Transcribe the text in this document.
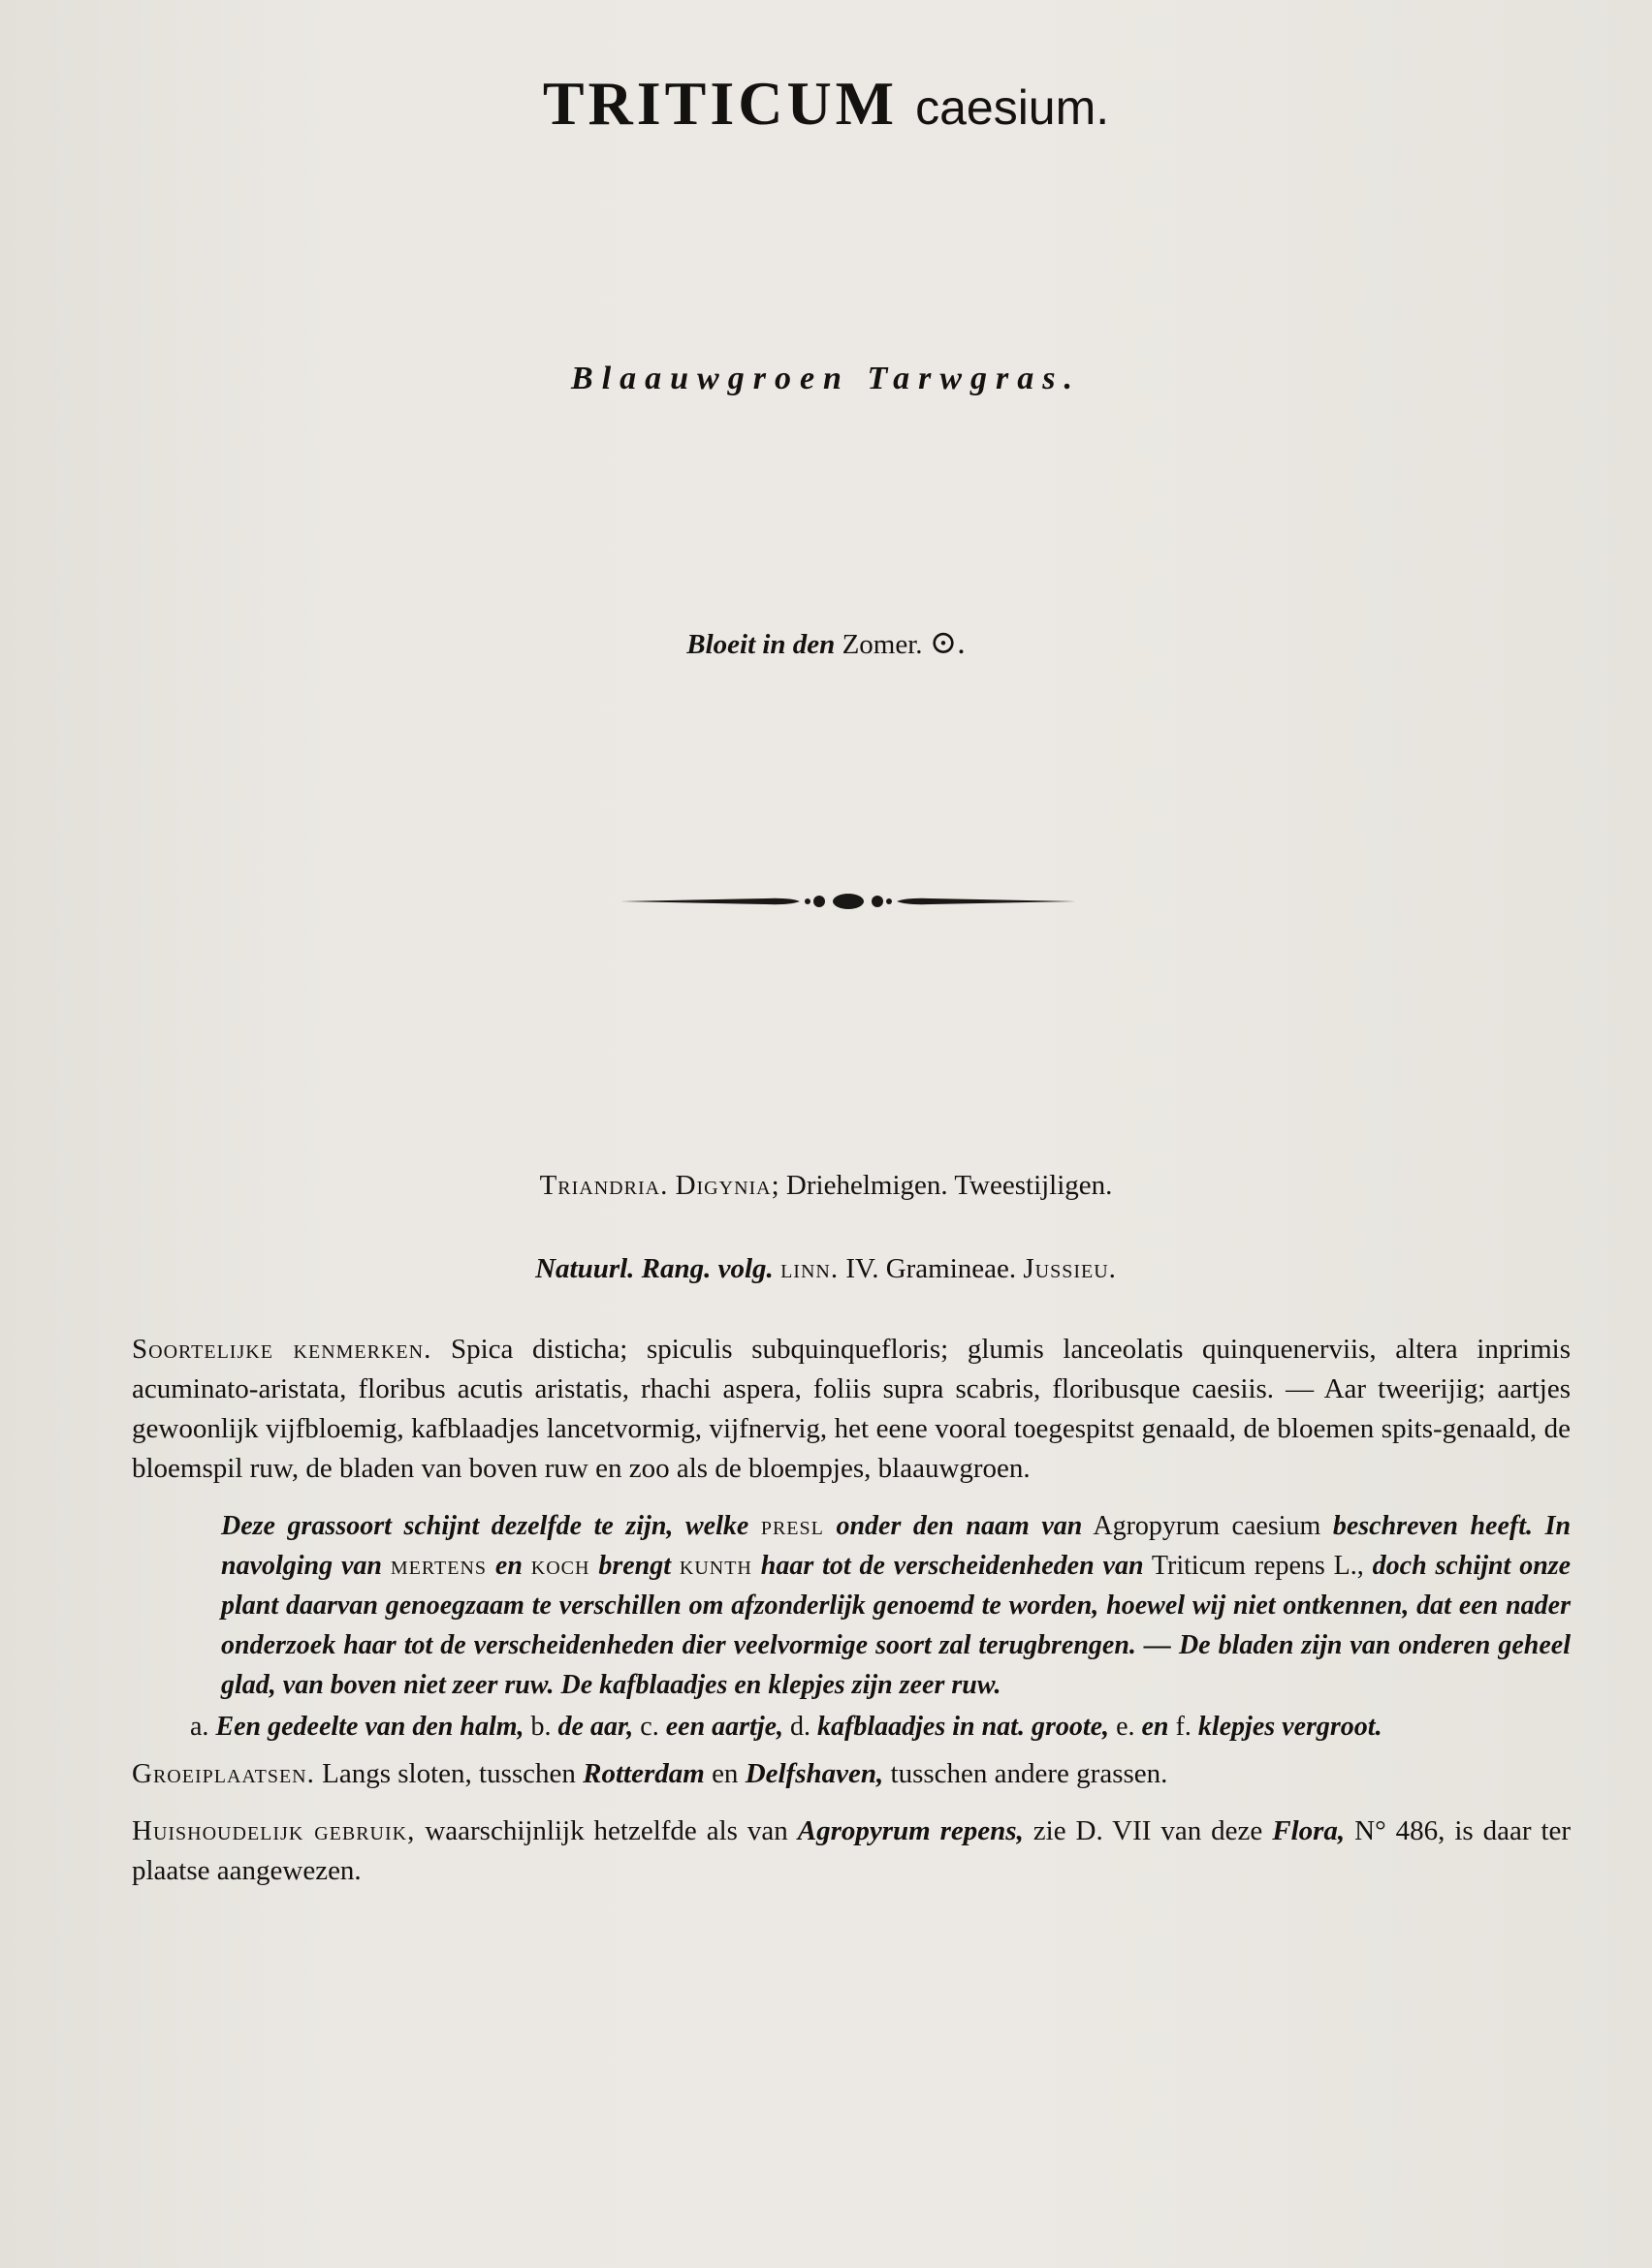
TRITICUM caesium.
Blaauwgroen Tarwgras.
Bloeit in den Zomer. ⊙.
Triandria. Digynia; Driehelmigen. Tweestijligen.
Natuurl. Rang. volg. linn. IV. Gramineae. Jussieu.

Soortelijke kenmerken. Spica disticha; spiculis subquinquefloris; glumis lanceolatis quinquenerviis, altera inprimis acuminato-aristata, floribus acutis aristatis, rhachi aspera, foliis supra scabris, floribusque caesiis. — Aar tweerijig; aartjes gewoonlijk vijfbloemig, kafblaadjes lancetvormig, vijfnervig, het eene vooral toegespitst genaald, de bloemen spits-genaald, de bloemspil ruw, de bladen van boven ruw en zoo als de bloempjes, blaauwgroen.

Deze grassoort schijnt dezelfde te zijn, welke presl onder den naam van Agropyrum caesium beschreven heeft. In navolging van mertens en koch brengt kunth haar tot de verscheidenheden van Triticum repens L., doch schijnt onze plant daarvan genoegzaam te verschillen om afzonderlijk genoemd te worden, hoewel wij niet ontkennen, dat een nader onderzoek haar tot de verscheidenheden dier veelvormige soort zal terugbrengen. — De bladen zijn van onderen geheel glad, van boven niet zeer ruw. De kafblaadjes en klepjes zijn zeer ruw.

a. Een gedeelte van den halm, b. de aar, c. een aartje, d. kafblaadjes in nat. groote, e. en f. klepjes vergroot.

Groeiplaatsen. Langs sloten, tusschen Rotterdam en Delfshaven, tusschen andere grassen.

Huishoudelijk gebruik, waarschijnlijk hetzelfde als van Agropyrum repens, zie D. VII van deze Flora, N° 486, is daar ter plaatse aangewezen.
